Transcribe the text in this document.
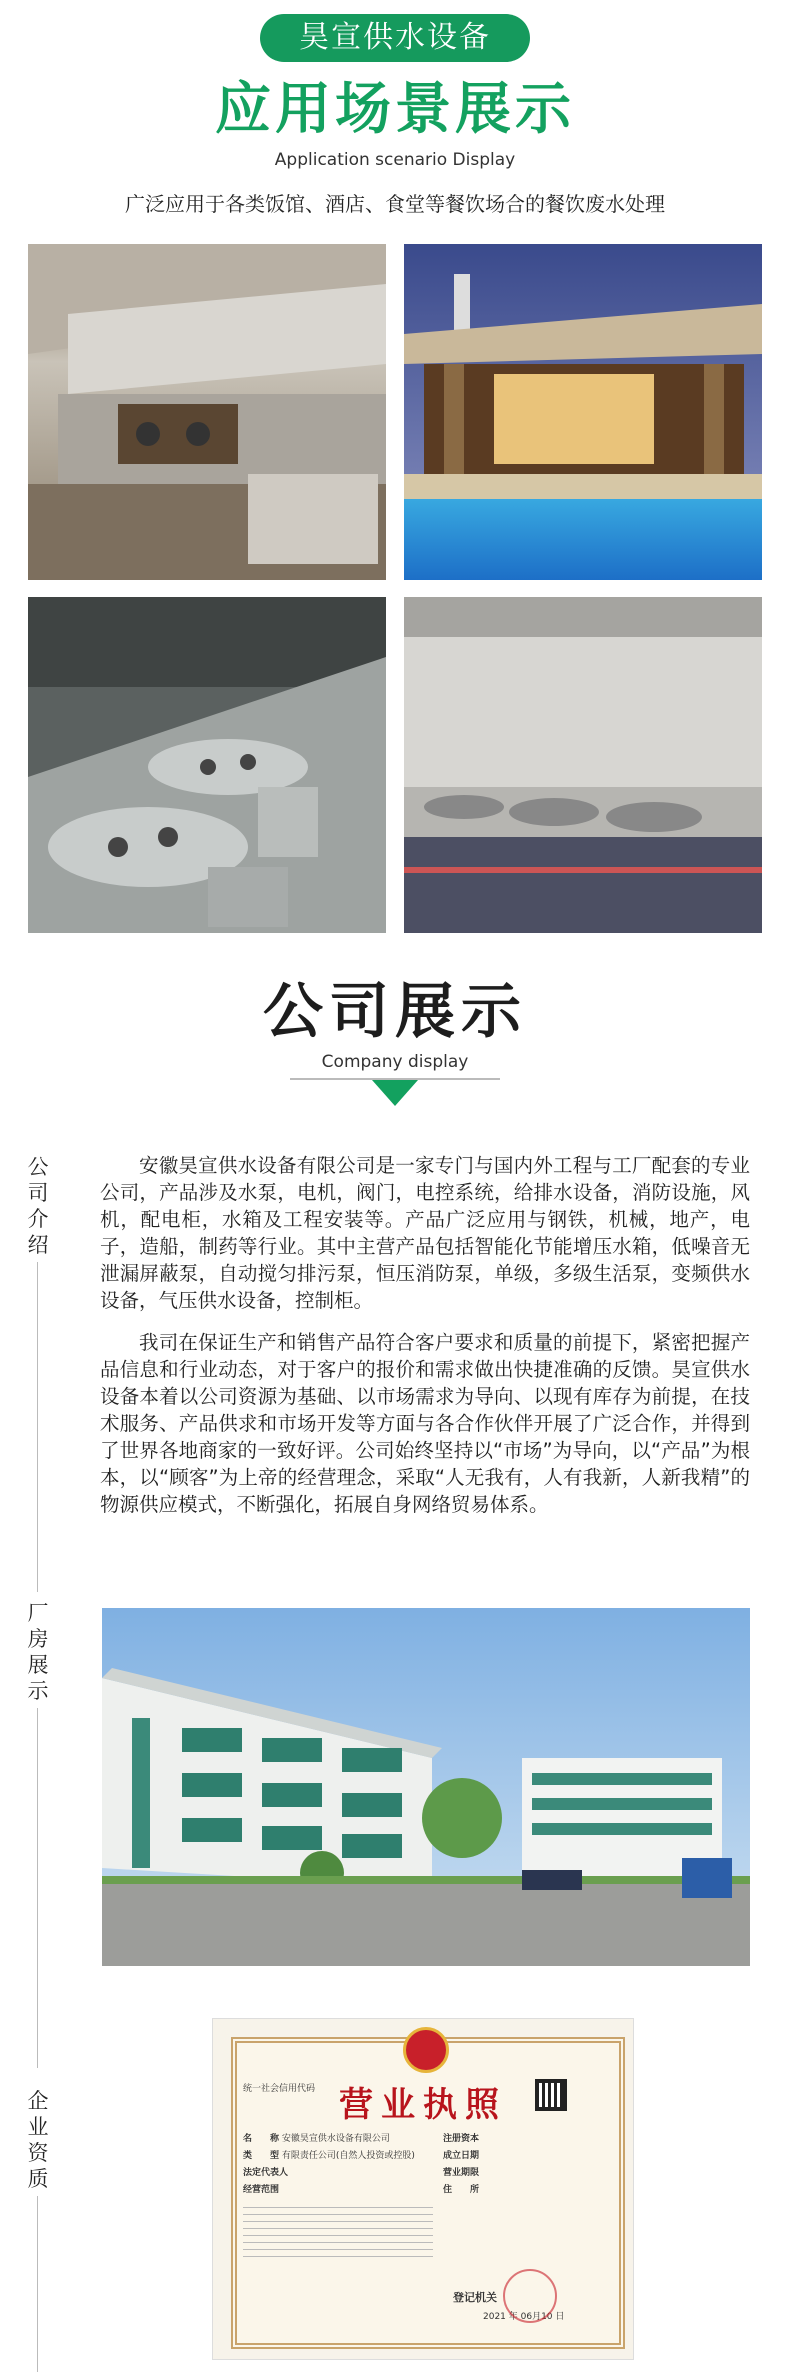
昊宣供水设备
应用场景展示
Application scenario Display
广泛应用于各类饭馆、酒店、食堂等餐饮场合的餐饮废水处理
公司展示
Company display
公司介绍
厂房展示
企业资质
安徽昊宣供水设备有限公司是一家专门与国内外工程与工厂配套的专业公司，产品涉及水泵，电机，阀门，电控系统，给排水设备，消防设施，风机，配电柜，水箱及工程安装等。产品广泛应用与钢铁，机械，地产，电子，造船，制药等行业。其中主营产品包括智能化节能增压水箱，低噪音无泄漏屏蔽泵，自动搅匀排污泵，恒压消防泵，单级，多级生活泵，变频供水设备，气压供水设备，控制柜。
我司在保证生产和销售产品符合客户要求和质量的前提下，紧密把握产品信息和行业动态，对于客户的报价和需求做出快捷准确的反馈。昊宣供水设备本着以公司资源为基础、以市场需求为导向、以现有库存为前提，在技术服务、产品供求和市场开发等方面与各合作伙伴开展了广泛合作，并得到了世界各地商家的一致好评。公司始终坚持以“市场”为导向，以“产品”为根本，以“顾客”为上帝的经营理念，采取“人无我有，人有我新，人新我精”的物源供应模式，不断强化，拓展自身网络贸易体系。
统一社会信用代码 营业执照
名　　称 安徽昊宣供水设备有限公司
类　　型 有限责任公司(自然人投资或控股)
法定代表人
经营范围
注册资本
成立日期
营业期限
住　　所
登记机关
2021 年 06月10 日
